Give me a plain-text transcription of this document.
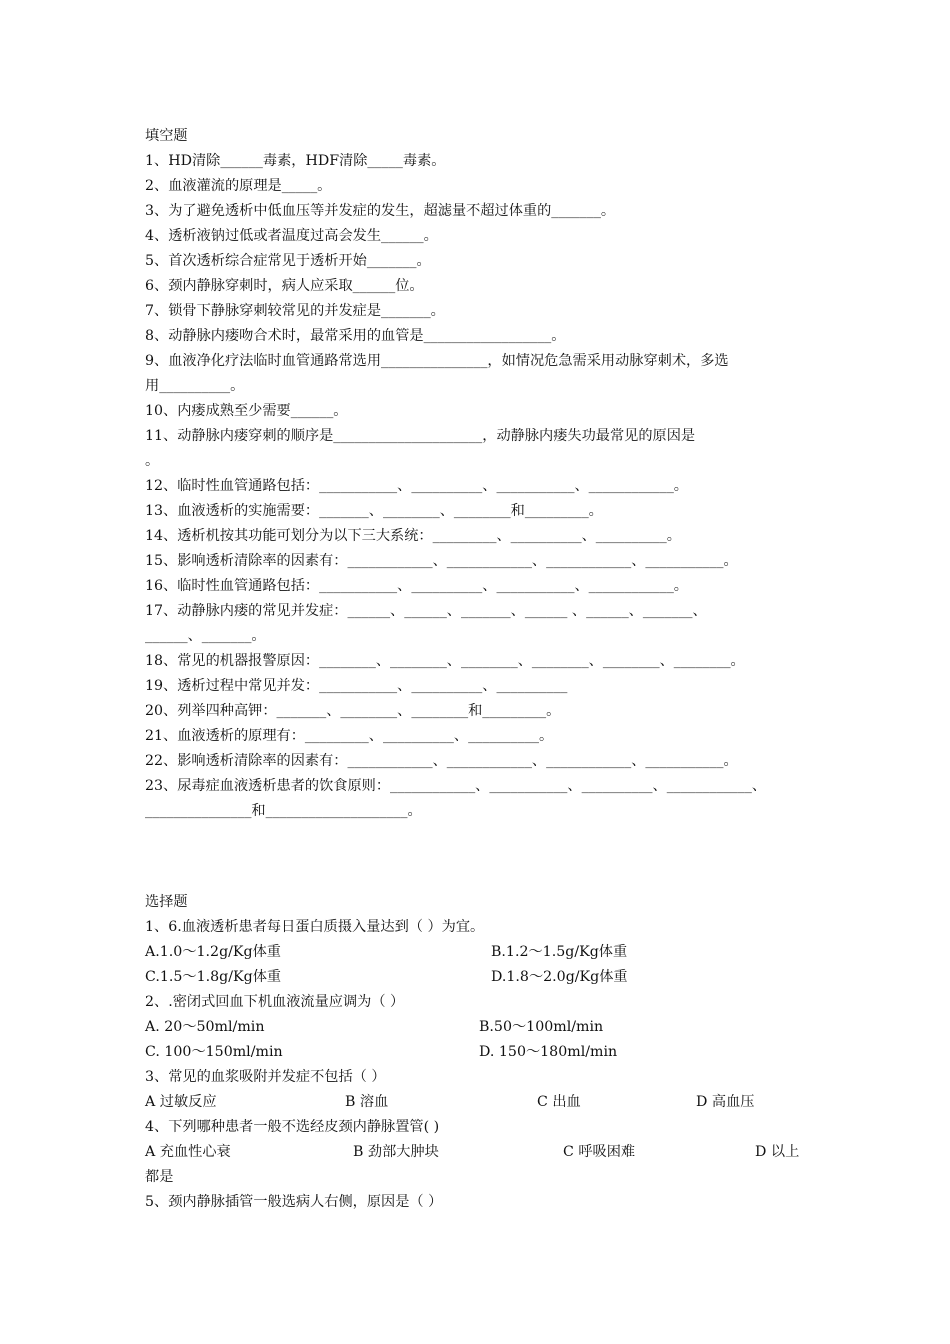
填空题
1、HD清除______毒素，HDF清除_____毒素。
2、血液灌流的原理是_____。
3、为了避免透析中低血压等并发症的发生，超滤量不超过体重的_______。
4、透析液钠过低或者温度过高会发生______。
5、首次透析综合症常见于透析开始_______。
6、颈内静脉穿刺时，病人应采取______位。
7、锁骨下静脉穿刺较常见的并发症是_______。
8、动静脉内瘘吻合术时，最常采用的血管是__________________。
9、血液净化疗法临时血管通路常选用_______________，如情况危急需采用动脉穿刺术，多选
用__________。
10、内瘘成熟至少需要______。
11、动静脉内瘘穿刺的顺序是_____________________，动静脉内瘘失功最常见的原因是
。
12、临时性血管通路包括：___________、__________、___________、____________。
13、血液透析的实施需要：_______、________、________和_________。
14、透析机按其功能可划分为以下三大系统：_________、__________、__________。
15、影响透析清除率的因素有：____________、____________、____________、___________。
16、临时性血管通路包括：___________、__________、___________、____________。
17、动静脉内瘘的常见并发症：______、______、_______、______ 、______、_______、
______、_______。
18、常见的机器报警原因：________、________、________、________、________、________。
19、透析过程中常见并发：___________、__________、__________
20、列举四种高钾：_______、________、________和_________。
21、血液透析的原理有：_________、__________、__________。
22、影响透析清除率的因素有：____________、____________、____________、___________。
23、尿毒症血液透析患者的饮食原则：____________、___________、__________、____________、
_______________和____________________。
选择题
1、6.血液透析患者每日蛋白质摄入量达到（ ）为宜。
A.1.0～1.2g/Kg体重	B.1.2～1.5g/Kg体重
C.1.5～1.8g/Kg体重	D.1.8～2.0g/Kg体重
2、.密闭式回血下机血液流量应调为（ ）
A. 20～50ml/min	B.50～100ml/min
C. 100～150ml/min	D. 150～180ml/min
3、常见的血浆吸附并发症不包括（ ）
A 过敏反应	B 溶血	C 出血	D 高血压
4、下列哪种患者一般不选经皮颈内静脉置管( )
A 充血性心衰	B 劲部大肿块	C 呼吸困难	D 以上
都是
5、颈内静脉插管一般选病人右侧，原因是（ ）
